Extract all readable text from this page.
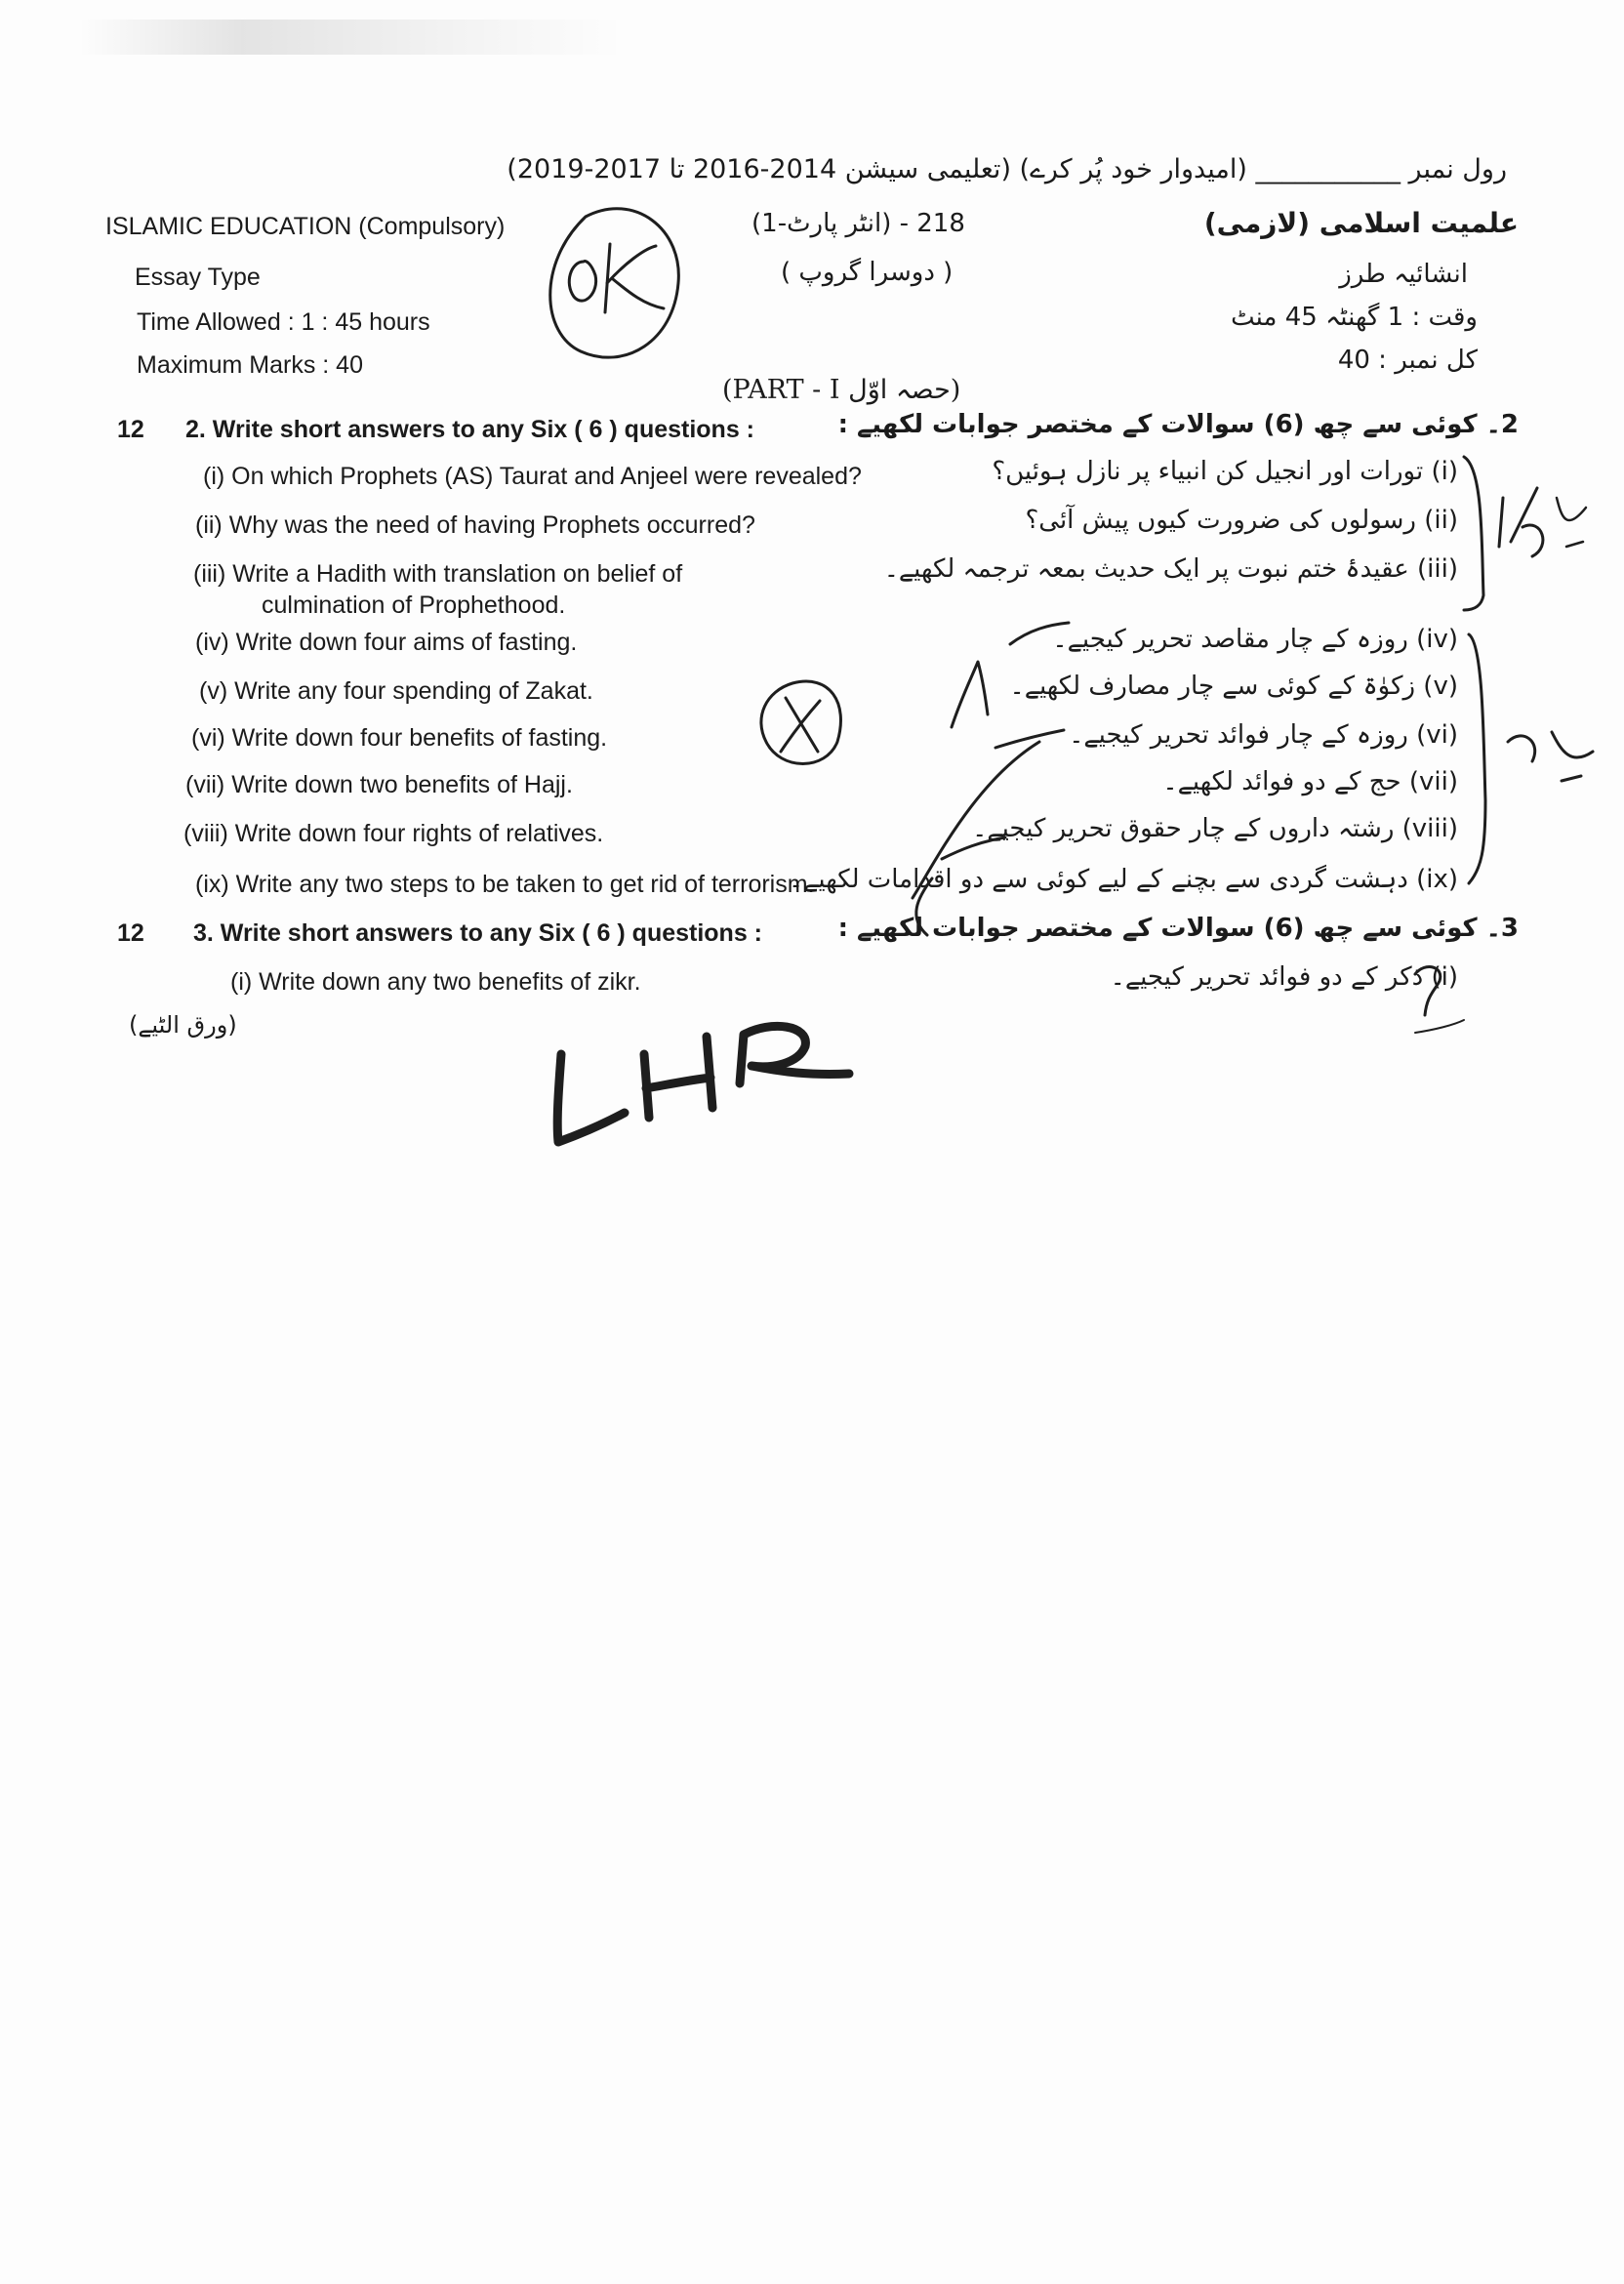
رول نمبر ___________ (امیدوار خود پُر کرے) (تعلیمی سیشن 2014-2016 تا 2017-2019)
ISLAMIC EDUCATION (Compulsory)	218 - (انٹر پارٹ-1)	علمیت اسلامی (لازمی)
Essay Type	( دوسرا گروپ )	انشائیہ طرز
Time Allowed : 1 : 45 hours	وقت : 1 گھنٹہ 45 منٹ
Maximum Marks : 40	کل نمبر : 40
(PART - I حصہ اوّل)
12 2. Write short answers to any Six ( 6 ) questions :	2۔ کوئی سے چھ (6) سوالات کے مختصر جوابات لکھیے :
(i) On which Prophets (AS) Taurat and Anjeel were revealed?	(i) تورات اور انجیل کن انبیاء پر نازل ہوئیں؟
(ii) Why was the need of having Prophets occurred?	(ii) رسولوں کی ضرورت کیوں پیش آئی؟
(iii) Write a Hadith with translation on belief of
culmination of Prophethood.
(iii) عقیدۂ ختم نبوت پر ایک حدیث بمعہ ترجمہ لکھیے۔
(iv) Write down four aims of fasting.	(iv) روزہ کے چار مقاصد تحریر کیجیے۔
(v) Write any four spending of Zakat.	(v) زکوٰۃ کے کوئی سے چار مصارف لکھیے۔
(vi) Write down four benefits of fasting.	(vi) روزہ کے چار فوائد تحریر کیجیے۔
(vii) Write down two benefits of Hajj.	(vii) حج کے دو فوائد لکھیے۔
(viii) Write down four rights of relatives.	(viii) رشتہ داروں کے چار حقوق تحریر کیجیے۔
(ix) Write any two steps to be taken to get rid of terrorism.
(ix) دہشت گردی سے بچنے کے لیے کوئی سے دو اقدامات لکھیے۔
12 3. Write short answers to any Six ( 6 ) questions :	3۔ کوئی سے چھ (6) سوالات کے مختصر جوابات لکھیے :
(i) Write down any two benefits of zikr.	(i) ذکر کے دو فوائد تحریر کیجیے۔
(ورق الٹیے)
